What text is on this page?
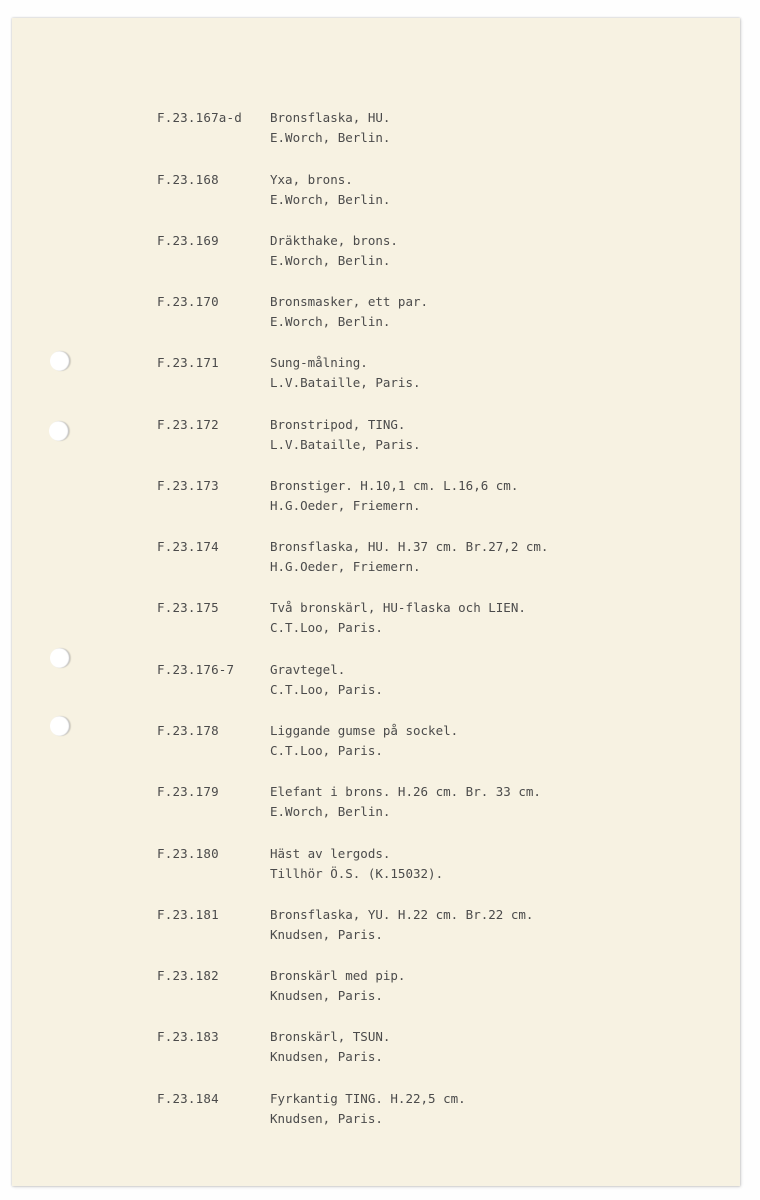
F.23.167a-d Bronsflaska, HU.
E.Worch, Berlin.
F.23.168	Yxa, brons.
E.Worch, Berlin.
F.23.169	Dräkthake, brons.
E.Worch, Berlin.
F.23.170	Bronsmasker, ett par.
E.Worch, Berlin.
F.23.171	Sung-målning.
L.V.Bataille, Paris.
F.23.172	Bronstripod, TING.
L.V.Bataille, Paris.
F.23.173	Bronstiger. H.10,1 cm. L.16,6 cm.
H.G.Oeder, Friemern.
F.23.174	Bronsflaska, HU. H.37 cm. Br.27,2 cm.
H.G.Oeder, Friemern.
F.23.175	Två bronskärl, HU-flaska och LIEN.
C.T.Loo, Paris.
F.23.176-7	Gravtegel.
C.T.Loo, Paris.
F.23.178	Liggande gumse på sockel.
C.T.Loo, Paris.
F.23.179	Elefant i brons. H.26 cm. Br. 33 cm.
E.Worch, Berlin.
F.23.180	Häst av lergods.
Tillhör Ö.S. (K.15032).
F.23.181	Bronsflaska, YU. H.22 cm. Br.22 cm.
Knudsen, Paris.
F.23.182	Bronskärl med pip.
Knudsen, Paris.
F.23.183	Bronskärl, TSUN.
Knudsen, Paris.
F.23.184	Fyrkantig TING. H.22,5 cm.
Knudsen, Paris.
